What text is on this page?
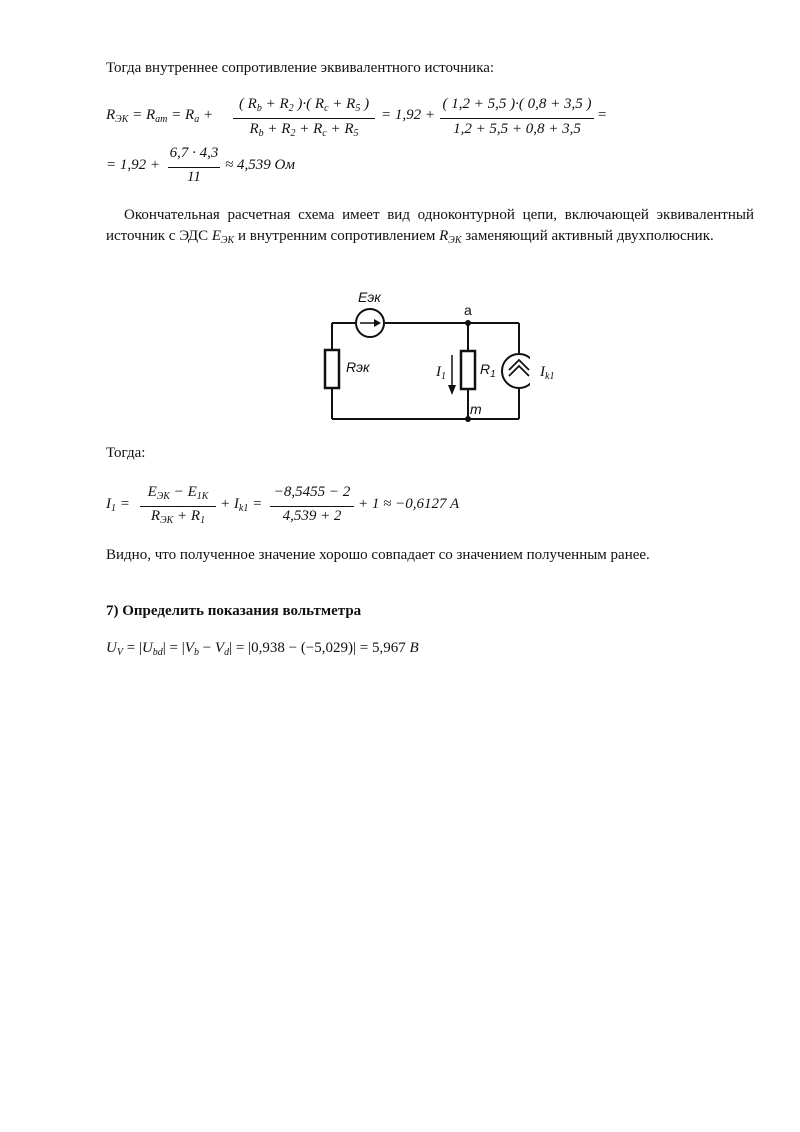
Тогда внутреннее сопротивление эквивалентного источника:
$R_{ЭК} = R_{am} = R_a$ +
( $R_b + R_2$ )·( $R_c + R_5$ )
$R_b + R_2 + R_c + R_5$
= 1,92 +
( 1,2 + 5,5 )·( 0,8 + 3,5 )
1,2 + 5,5 + 0,8 + 3,5
=
= 1,92 +
6,7 · 4,3
11
≈ 4,539 Ом
Окончательная расчетная схема имеет вид одноконтурной цепи, включающей эквивалентный источник с ЭДС $E_{ЭК}$ и внутренним сопротивлением $R_{ЭК}$ заменяющий активный двухполюсник.
Eэк
a
Rэк	$I_1$ $R_1$	$I_{k1}$
m
Тогда:
$I_1$ =
$E_{ЭК} - E_{1K}$
$R_{ЭК} + R_1$
+ $I_{k1}$ =
−8,5455 − 2
4,539 + 2
+ 1 ≈ −0,6127 A
Видно, что полученное значение хорошо совпадает со значением полученным ранее.
7) Определить показания вольтметра
$U_V = |U_{bd}| = |V_b - V_d| = |0,938 - (-5,029)| = 5,967$ B
